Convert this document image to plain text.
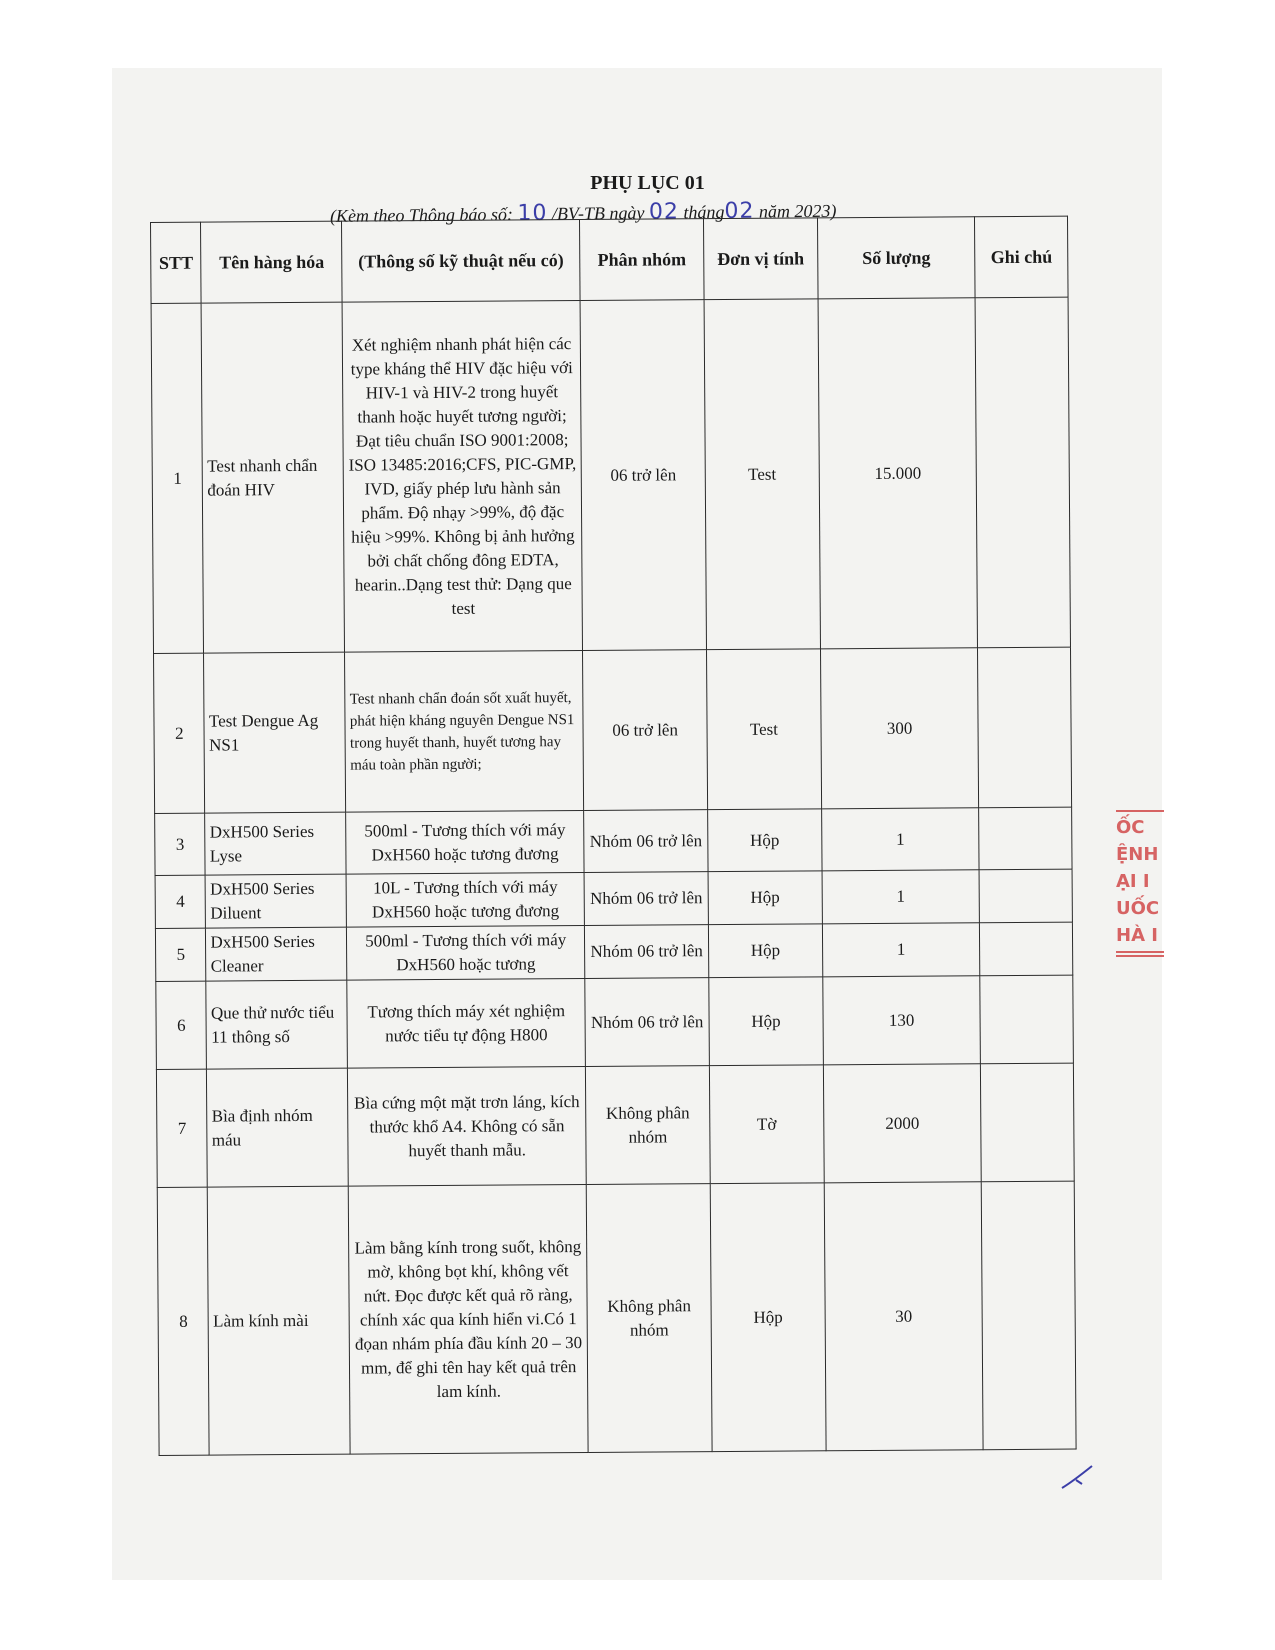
PHỤ LỤC 01
(Kèm theo Thông báo số: 10 /BV-TB ngày 02 tháng02 năm 2023)
STT	Tên hàng hóa	(Thông số kỹ thuật nếu có)	Phân nhóm	Đơn vị tính	Số lượng	Ghi chú
1	Test nhanh chẩn đoán HIV	Xét nghiệm nhanh phát hiện các type kháng thể HIV đặc hiệu với HIV-1 và HIV-2 trong huyết thanh hoặc huyết tương người; Đạt tiêu chuẩn ISO 9001:2008; ISO 13485:2016;CFS, PIC-GMP, IVD, giấy phép lưu hành sản phẩm. Độ nhạy >99%, độ đặc hiệu >99%. Không bị ảnh hưởng bởi chất chống đông EDTA, hearin..Dạng test thử: Dạng que test	06 trở lên	Test	15.000	
2	Test Dengue Ag NS1	Test nhanh chẩn đoán sốt xuất huyết, phát hiện kháng nguyên Dengue NS1 trong huyết thanh, huyết tương hay máu toàn phần người;	06 trở lên	Test	300	
3	DxH500 Series Lyse	500ml - Tương thích với máy DxH560 hoặc tương đương	Nhóm 06 trở lên	Hộp	1	
4	DxH500 Series Diluent	10L - Tương thích với máy DxH560 hoặc tương đương	Nhóm 06 trở lên	Hộp	1	
5	DxH500 Series Cleaner	500ml - Tương thích với máy DxH560 hoặc tương	Nhóm 06 trở lên	Hộp	1	
6	Que thử nước tiểu 11 thông số	Tương thích máy xét nghiệm nước tiểu tự động H800	Nhóm 06 trở lên	Hộp	130	
7	Bìa định nhóm máu	Bìa cứng một mặt trơn láng, kích thước khổ A4. Không có sẵn huyết thanh mẫu.	Không phân nhóm	Tờ	2000	
8	Làm kính mài	Làm bằng kính trong suốt, không mờ, không bọt khí, không vết nứt. Đọc được kết quả rõ ràng, chính xác qua kính hiển vi.Có 1 đọan nhám phía đầu kính 20 – 30 mm, để ghi tên hay kết quả trên lam kính.	Không phân nhóm	Hộp	30	
ỐC
ỆNH
ẠI I
UỐC
HÀ I
